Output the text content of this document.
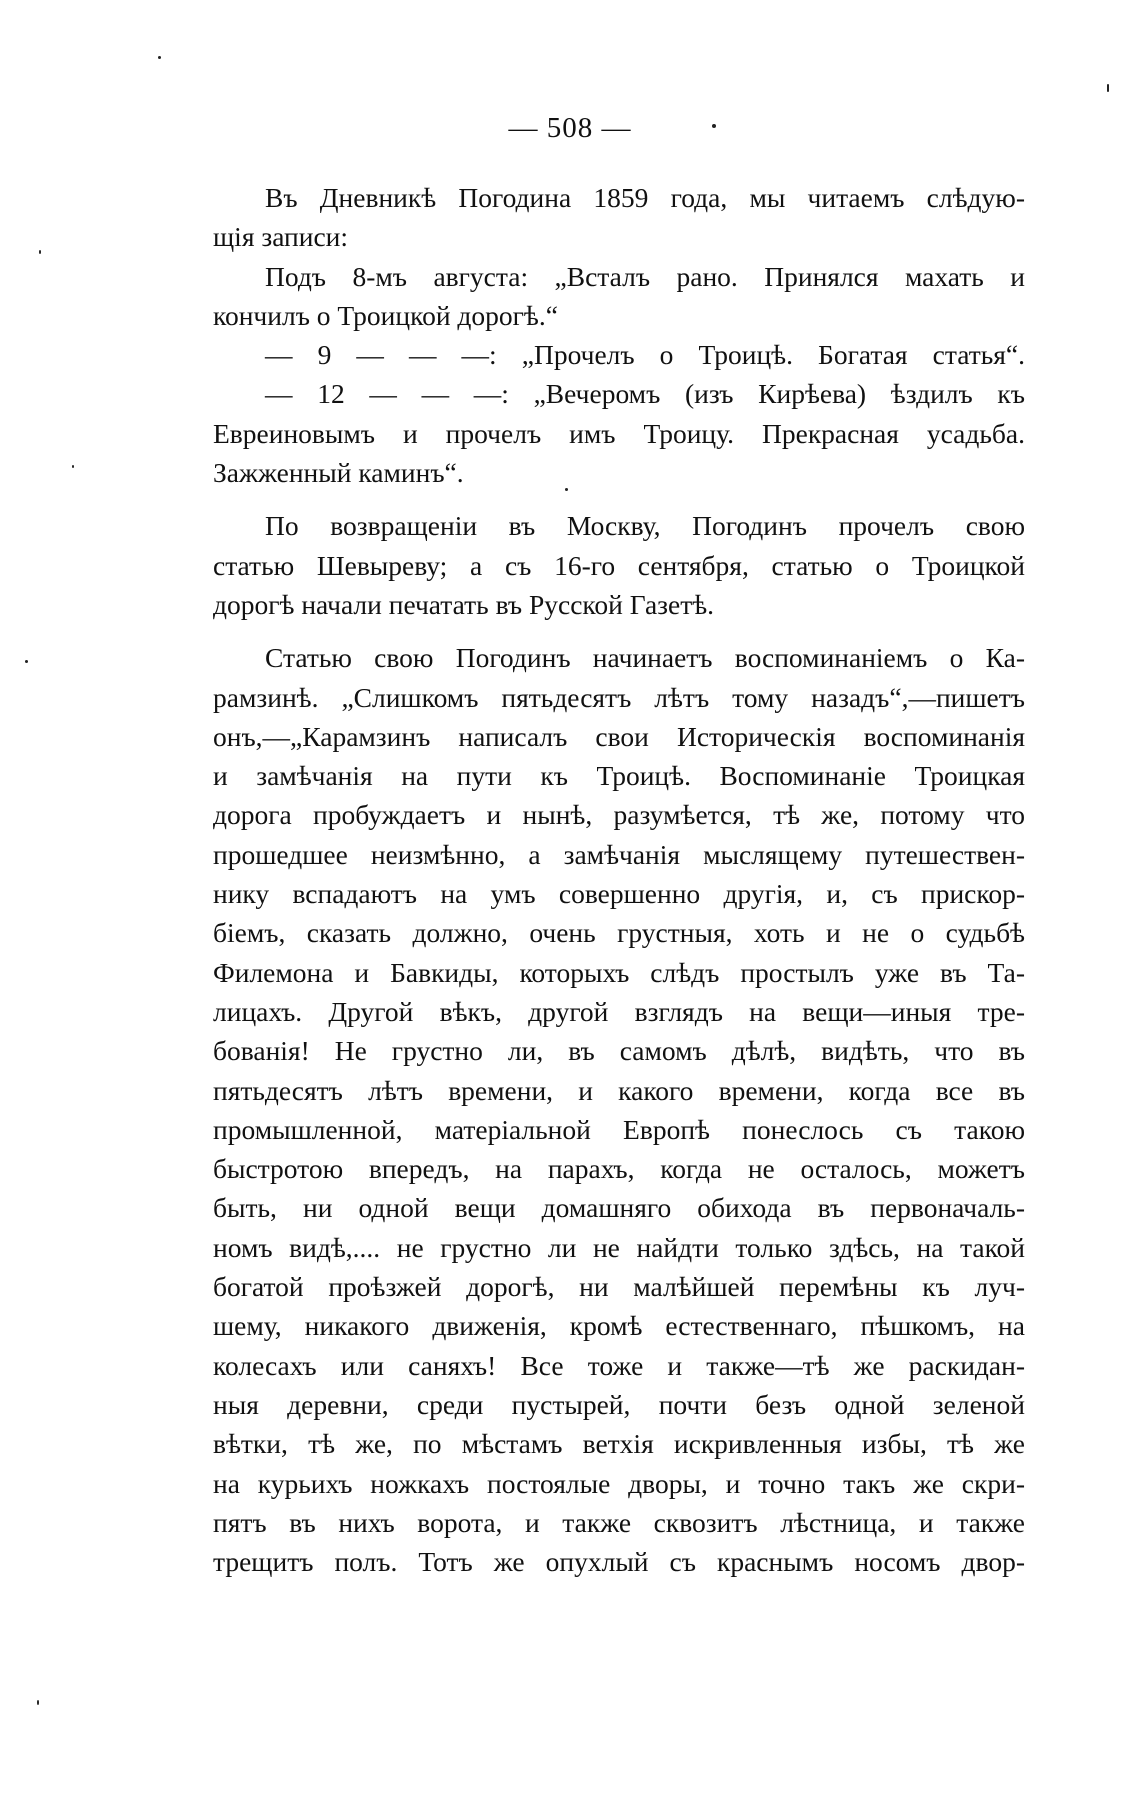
— 508 —
Въ Дневникѣ Погодина 1859 года, мы читаемъ слѣдую-
щія записи:
Подъ 8-мъ августа: „Всталъ рано. Принялся махать и
кончилъ о Троицкой дорогѣ.“
— 9 — — —: „Прочелъ о Троицѣ. Богатая статья“.
— 12 — — —: „Вечеромъ (изъ Кирѣева) ѣздилъ къ
Евреиновымъ и прочелъ имъ Троицу. Прекрасная усадьба.
Зажженный каминъ“.
По возвращеніи въ Москву, Погодинъ прочелъ свою
статью Шевыреву; а съ 16-го сентября, статью о Троицкой
дорогѣ начали печатать въ Русской Газетѣ.
Статью свою Погодинъ начинаетъ воспоминаніемъ о Ка-
рамзинѣ. „Слишкомъ пятьдесятъ лѣтъ тому назадъ“,—пишетъ
онъ,—„Карамзинъ написалъ свои Историческія воспоминанія
и замѣчанія на пути къ Троицѣ. Воспоминаніе Троицкая
дорога пробуждаетъ и нынѣ, разумѣется, тѣ же, потому что
прошедшее неизмѣнно, а замѣчанія мыслящему путешествен-
нику вспадаютъ на умъ совершенно другія, и, съ прискор-
біемъ, сказать должно, очень грустныя, хоть и не о судьбѣ
Филемона и Бавкиды, которыхъ слѣдъ простылъ уже въ Та-
лицахъ. Другой вѣкъ, другой взглядъ на вещи—иныя тре-
бованія! Не грустно ли, въ самомъ дѣлѣ, видѣть, что въ
пятьдесятъ лѣтъ времени, и какого времени, когда все въ
промышленной, матеріальной Европѣ понеслось съ такою
быстротою впередъ, на парахъ, когда не осталось, можетъ
быть, ни одной вещи домашняго обихода въ первоначаль-
номъ видѣ,.... не грустно ли не найдти только здѣсь, на такой
богатой проѣзжей дорогѣ, ни малѣйшей перемѣны къ луч-
шему, никакого движенія, кромѣ естественнаго, пѣшкомъ, на
колесахъ или саняхъ! Все тоже и также—тѣ же раскидан-
ныя деревни, среди пустырей, почти безъ одной зеленой
вѣтки, тѣ же, по мѣстамъ ветхія искривленныя избы, тѣ же
на курьихъ ножкахъ постоялые дворы, и точно такъ же скри-
пятъ въ нихъ ворота, и также сквозитъ лѣстница, и также
трещитъ полъ. Тотъ же опухлый съ краснымъ носомъ двор-
